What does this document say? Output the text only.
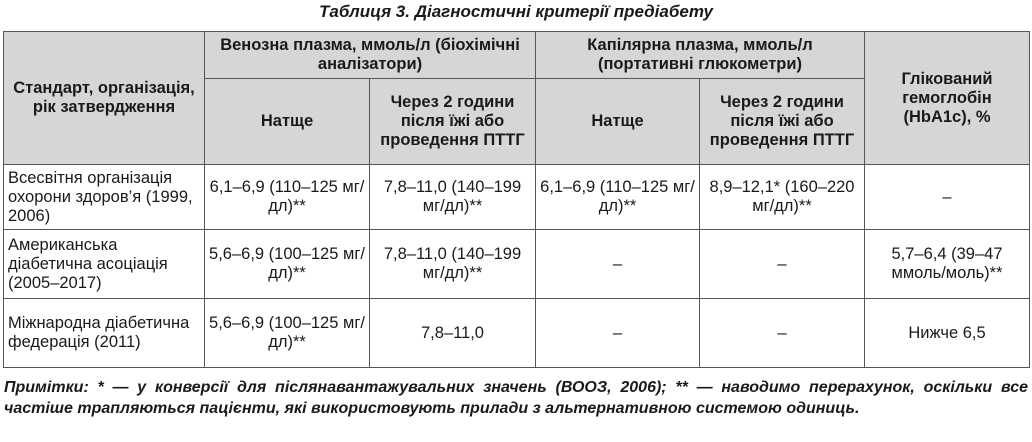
Таблиця 3. Діагностичні критерії предіабету
Стандарт, організація, рік затвердження	Венозна плазма, ммоль/л (біохімічні аналізатори)		Капілярна плазма, ммоль/л (портативні глюкометри)		Глікований гемоглобін (HbA1c), %
	Натще	Через 2 години після їжі або проведення ПТТГ	Натще	Через 2 години після їжі або проведення ПТТГ	
Всесвітня організація охорони здоров’я (1999, 2006)	6,1–6,9 (110–125 мг/дл)**	7,8–11,0 (140–199 мг/дл)**	6,1–6,9 (110–125 мг/дл)**	8,9–12,1* (160–220 мг/дл)**	–
Американська діабетична асоціація (2005–2017)	5,6–6,9 (100–125 мг/дл)**	7,8–11,0 (140–199 мг/дл)**	–	–	5,7–6,4 (39–47 ммоль/моль)**
Міжнародна діабетична федерація (2011)	5,6–6,9 (100–125 мг/дл)**	7,8–11,0	–	–	Нижче 6,5
Примітки: * — у конверсії для післянавантажувальних значень (ВООЗ, 2006); ** — наводимо перерахунок, оскільки все частіше трапляються пацієнти, які використовують прилади з альтернативною системою одиниць.
